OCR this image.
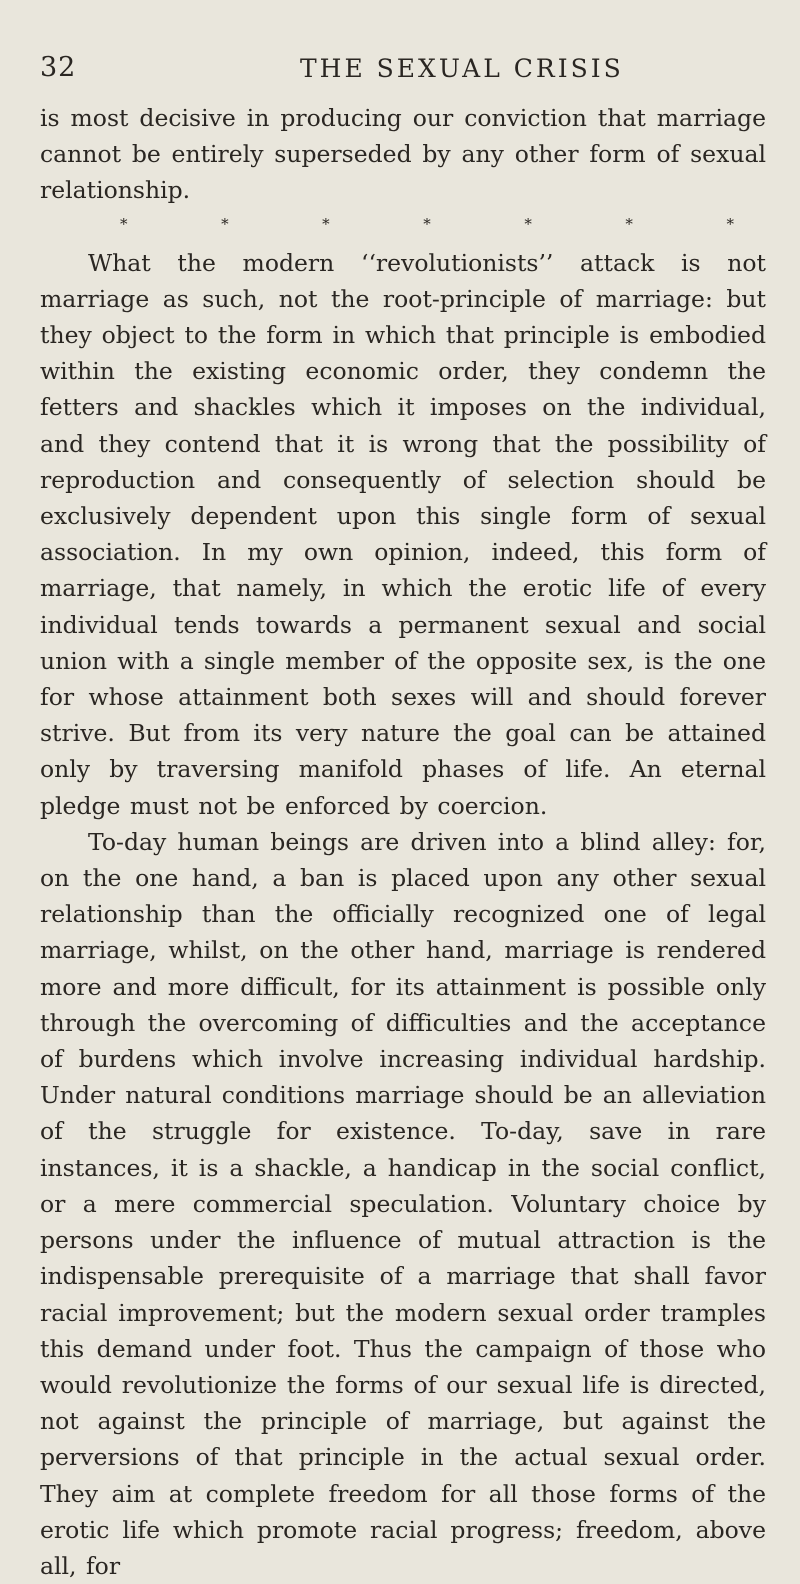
32	THE SEXUAL CRISIS

is most decisive in producing our conviction that marriage cannot be entirely superseded by any other form of sexual relationship.

*	*	*	*	*	*	*

What the modern ‘‘revolutionists’’ attack is not marriage as such, not the root-principle of marriage: but they object to the form in which that principle is embodied within the existing economic order, they condemn the fetters and shackles which it imposes on the individual, and they contend that it is wrong that the possibility of reproduction and consequently of selection should be exclusively dependent upon this single form of sexual association. In my own opinion, indeed, this form of marriage, that namely, in which the erotic life of every individual tends towards a permanent sexual and social union with a single member of the opposite sex, is the one for whose attainment both sexes will and should forever strive. But from its very nature the goal can be attained only by traversing manifold phases of life. An eternal pledge must not be enforced by coercion.

To-day human beings are driven into a blind alley: for, on the one hand, a ban is placed upon any other sexual relationship than the officially recognized one of legal marriage, whilst, on the other hand, marriage is rendered more and more difficult, for its attainment is possible only through the overcoming of difficulties and the acceptance of burdens which involve increasing individual hardship. Under natural conditions marriage should be an alleviation of the struggle for existence. To-day, save in rare instances, it is a shackle, a handicap in the social conflict, or a mere commercial speculation. Voluntary choice by persons under the influence of mutual attraction is the indispensable prerequisite of a marriage that shall favor racial improvement; but the modern sexual order tramples this demand under foot. Thus the campaign of those who would revolutionize the forms of our sexual life is directed, not against the principle of marriage, but against the perversions of that principle in the actual sexual order. They aim at complete freedom for all those forms of the erotic life which promote racial progress; freedom, above all, for
